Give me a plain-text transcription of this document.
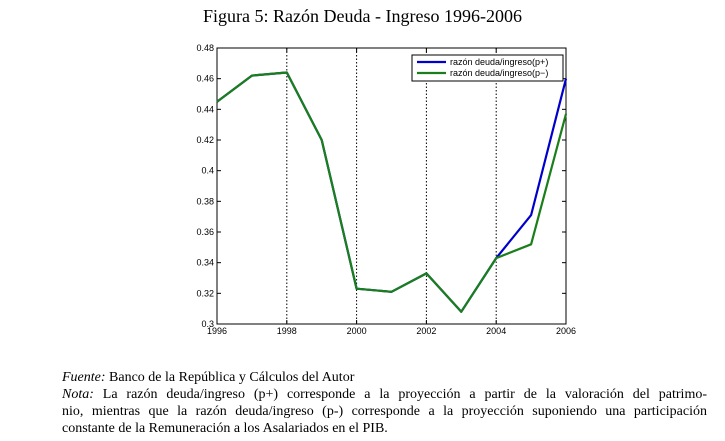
Figura 5: Razón Deuda - Ingreso 1996-2006
0.3
0.32
0.34
0.36
0.38
0.4
0.42
0.44
0.46
0.48
1996	1998	2000	2002	2004	2006
razón deuda/ingreso(p+)
razón deuda/ingreso(p−)
Fuente: Banco de la República y Cálculos del Autor
Nota: La razón deuda/ingreso (p+) corresponde a la proyección a partir de la valoración del patrimo-
nio, mientras que la razón deuda/ingreso (p-) corresponde a la proyección suponiendo una participación
constante de la Remuneración a los Asalariados en el PIB.
